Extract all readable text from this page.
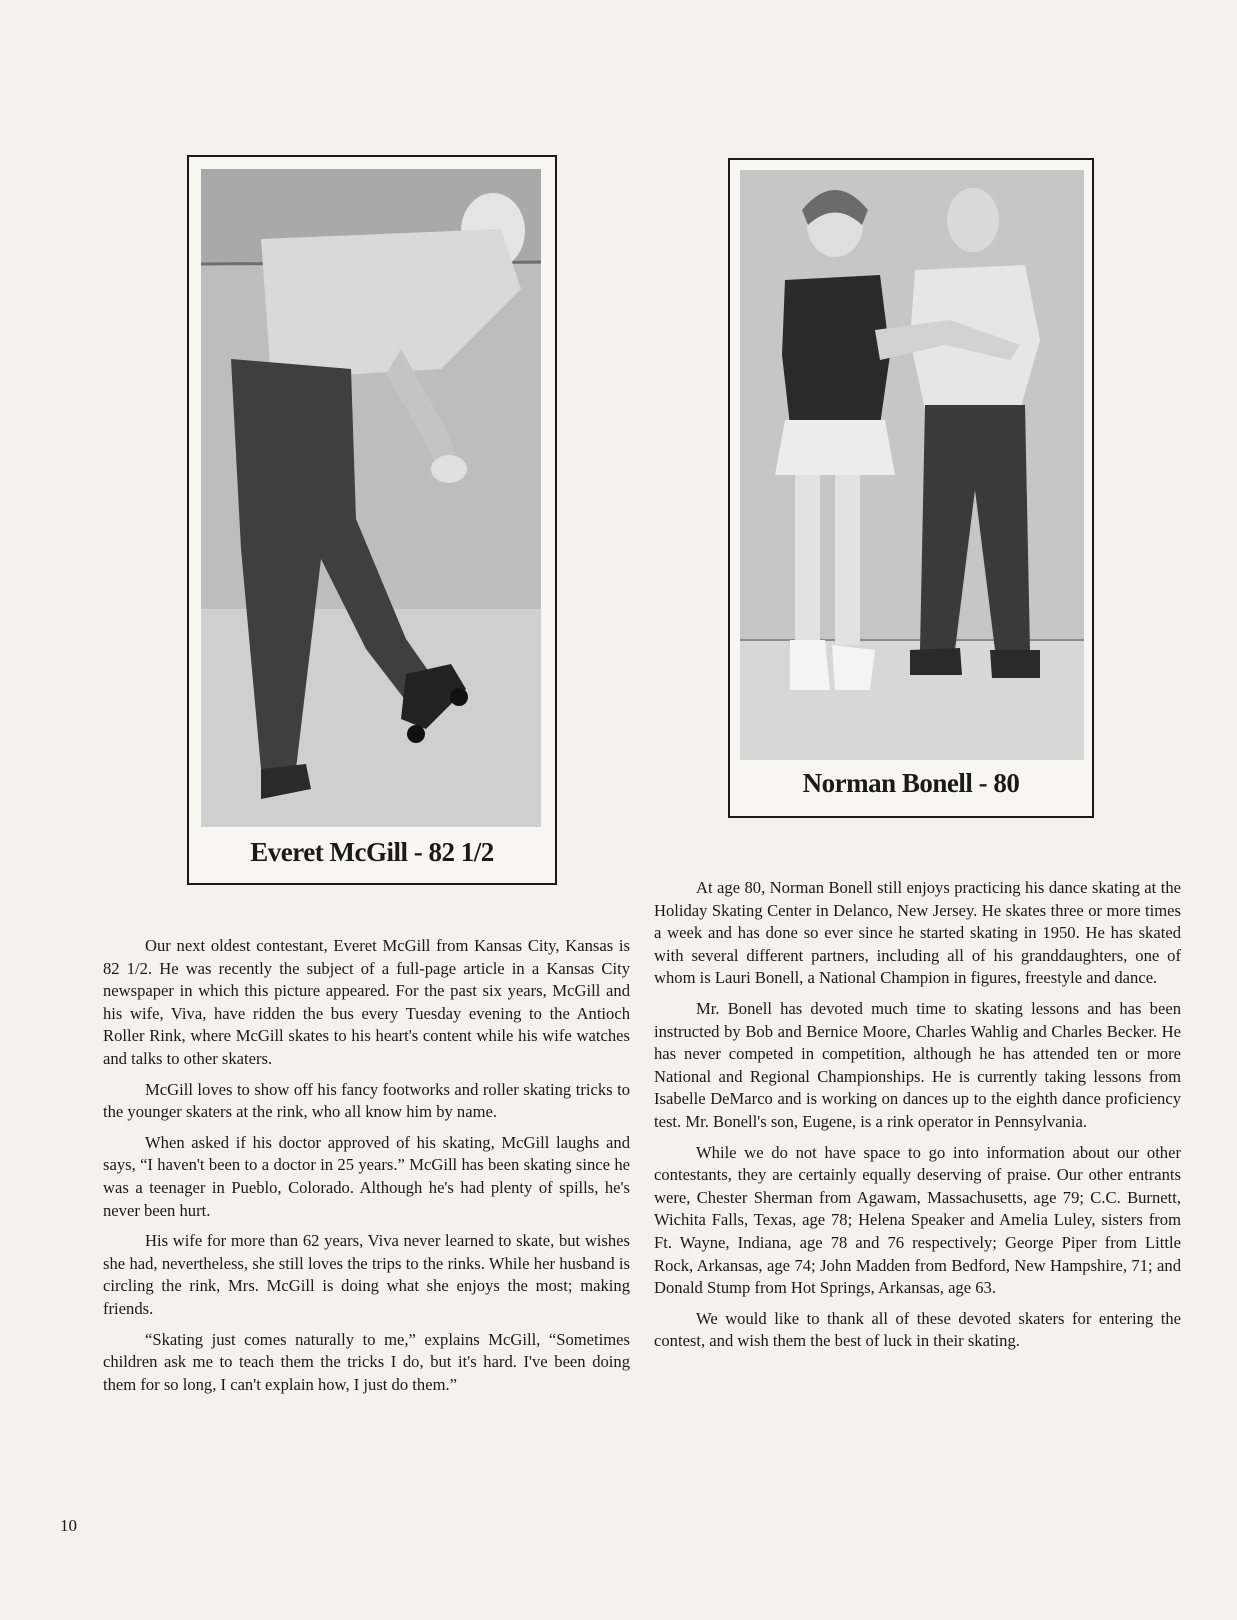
Everet McGill - 82 1/2
Norman Bonell - 80

Our next oldest contestant, Everet McGill from Kansas City, Kansas is 82 1/2. He was recently the subject of a full-page article in a Kansas City newspaper in which this picture appeared. For the past six years, McGill and his wife, Viva, have ridden the bus every Tuesday evening to the Antioch Roller Rink, where McGill skates to his heart's content while his wife watches and talks to other skaters.

McGill loves to show off his fancy footworks and roller skating tricks to the younger skaters at the rink, who all know him by name.

When asked if his doctor approved of his skating, McGill laughs and says, “I haven't been to a doctor in 25 years.” McGill has been skating since he was a teenager in Pueblo, Colorado. Although he's had plenty of spills, he's never been hurt.

His wife for more than 62 years, Viva never learned to skate, but wishes she had, nevertheless, she still loves the trips to the rinks. While her husband is circling the rink, Mrs. McGill is doing what she enjoys the most; making friends.

“Skating just comes naturally to me,” explains McGill, “Sometimes children ask me to teach them the tricks I do, but it's hard. I've been doing them for so long, I can't explain how, I just do them.”

At age 80, Norman Bonell still enjoys practicing his dance skating at the Holiday Skating Center in Delanco, New Jersey. He skates three or more times a week and has done so ever since he started skating in 1950. He has skated with several different partners, including all of his granddaughters, one of whom is Lauri Bonell, a National Champion in figures, freestyle and dance.

Mr. Bonell has devoted much time to skating lessons and has been instructed by Bob and Bernice Moore, Charles Wahlig and Charles Becker. He has never competed in competition, although he has attended ten or more National and Regional Championships. He is currently taking lessons from Isabelle DeMarco and is working on dances up to the eighth dance proficiency test. Mr. Bonell's son, Eugene, is a rink operator in Pennsylvania.

While we do not have space to go into information about our other contestants, they are certainly equally deserving of praise. Our other entrants were, Chester Sherman from Agawam, Massachusetts, age 79; C.C. Burnett, Wichita Falls, Texas, age 78; Helena Speaker and Amelia Luley, sisters from Ft. Wayne, Indiana, age 78 and 76 respectively; George Piper from Little Rock, Arkansas, age 74; John Madden from Bedford, New Hampshire, 71; and Donald Stump from Hot Springs, Arkansas, age 63.

We would like to thank all of these devoted skaters for entering the contest, and wish them the best of luck in their skating.

10
